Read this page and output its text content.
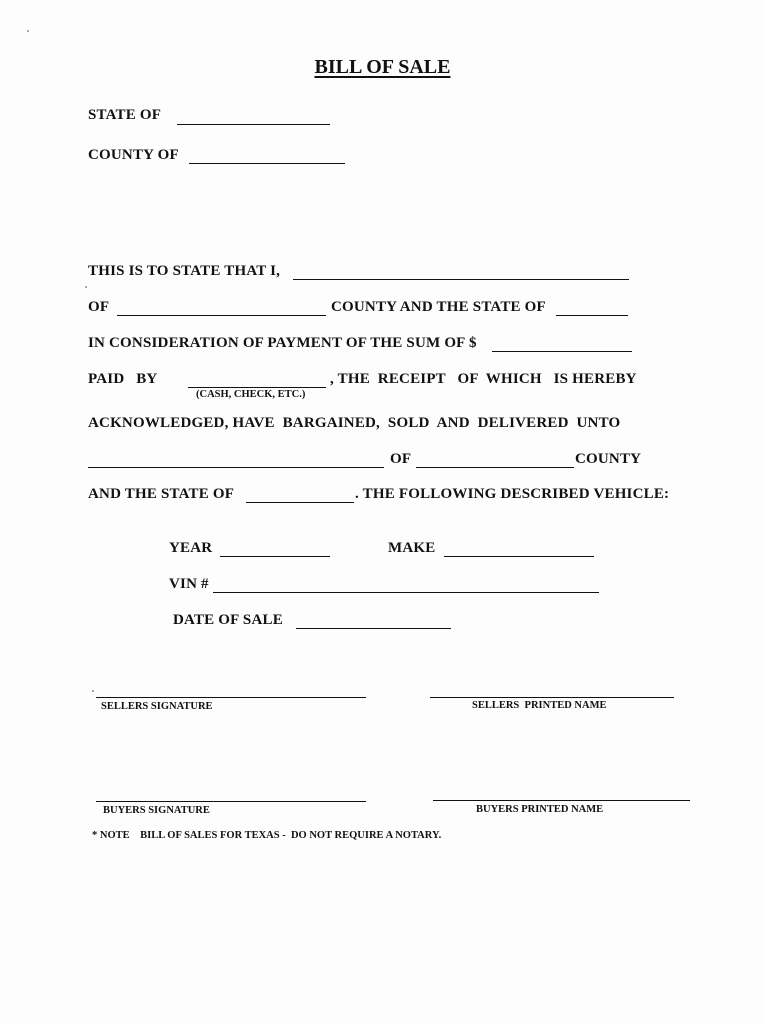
BILL OF SALE
STATE OF
COUNTY OF
THIS IS TO STATE THAT I,
OF	COUNTY AND THE STATE OF
IN CONSIDERATION OF PAYMENT OF THE SUM OF $
PAID   BY
(CASH, CHECK, ETC.)
, THE  RECEIPT   OF  WHICH   IS HEREBY
ACKNOWLEDGED, HAVE  BARGAINED,  SOLD  AND  DELIVERED  UNTO
OF	COUNTY
AND THE STATE OF	. THE FOLLOWING DESCRIBED VEHICLE:
YEAR	MAKE
VIN #
DATE OF SALE
SELLERS SIGNATURE	SELLERS  PRINTED NAME
BUYERS SIGNATURE	BUYERS PRINTED NAME
* NOTE    BILL OF SALES FOR TEXAS -  DO NOT REQUIRE A NOTARY.
